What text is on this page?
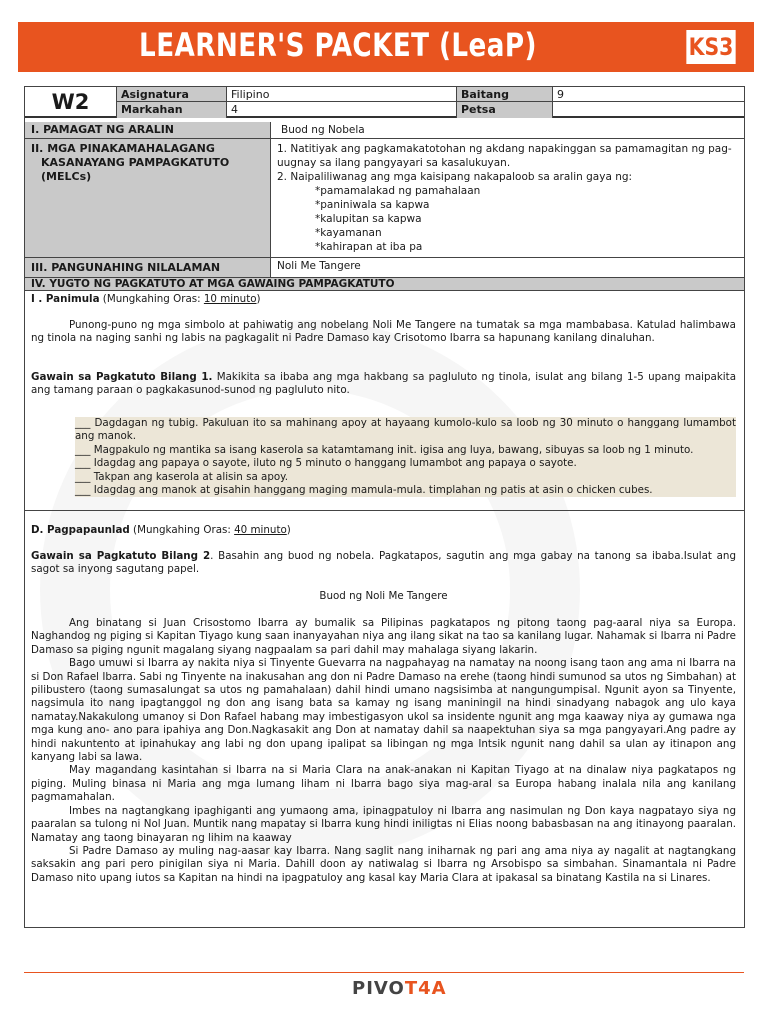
LEARNER'S PACKET (LeaP)	KS3
W2	Asignatura	Filipino	Baitang	9
Markahan	4	Petsa
I. PAMAGAT NG ARALIN	Buod ng Nobela
II. MGA PINAKAMAHALAGANG
KASANAYANG PAMPAGKATUTO
(MELCs)
1. Natitiyak ang pagkamakatotohan ng akdang napakinggan sa pamamagitan ng pag-uugnay sa ilang pangyayari sa kasalukuyan.
2. Naipaliliwanag ang mga kaisipang nakapaloob sa aralin gaya ng:
*pamamalakad ng pamahalaan
*paniniwala sa kapwa
*kalupitan sa kapwa
*kayamanan
*kahirapan at iba pa
III. PANGUNAHING NILALAMAN	Noli Me Tangere
IV. YUGTO NG PAGKATUTO AT MGA GAWAING PAMPAGKATUTO
I . Panimula (Mungkahing Oras: 10 minuto)
Punong-puno ng mga simbolo at pahiwatig ang nobelang Noli Me Tangere na tumatak sa mga mambabasa. Katulad halimbawa ng tinola na naging sanhi ng labis na pagkagalit ni Padre Damaso kay Crisotomo Ibarra sa hapunang kanilang dinaluhan.
Gawain sa Pagkatuto Bilang 1. Makikita sa ibaba ang mga hakbang sa pagluluto ng tinola, isulat ang bilang 1-5 upang maipakita ang tamang paraan o pagkakasunod-sunod ng pagluluto nito.
___ Dagdagan ng tubig. Pakuluan ito sa mahinang apoy at hayaang kumolo-kulo sa loob ng 30 minuto o hanggang lumambot ang manok.
___ Magpakulo ng mantika sa isang kaserola sa katamtamang init. igisa ang luya, bawang, sibuyas sa loob ng 1 minuto.
___ Idagdag ang papaya o sayote, iluto ng 5 minuto o hanggang lumambot ang papaya o sayote.
___ Takpan ang kaserola at alisin sa apoy.
___ Idagdag ang manok at gisahin hanggang maging mamula-mula. timplahan ng patis at asin o chicken cubes.
D. Pagpapaunlad (Mungkahing Oras: 40 minuto)
Gawain sa Pagkatuto Bilang 2. Basahin ang buod ng nobela. Pagkatapos, sagutin ang mga gabay na tanong sa ibaba.Isulat ang sagot sa inyong sagutang papel.
Buod ng Noli Me Tangere
Ang binatang si Juan Crisostomo Ibarra ay bumalik sa Pilipinas pagkatapos ng pitong taong pag-aaral niya sa Europa. Naghandog ng piging si Kapitan Tiyago kung saan inanyayahan niya ang ilang sikat na tao sa kanilang lugar. Nahamak si Ibarra ni Padre Damaso sa piging ngunit magalang siyang nagpaalam sa pari dahil may mahalaga siyang lakarin.
Bago umuwi si Ibarra ay nakita niya si Tinyente Guevarra na nagpahayag na namatay na noong isang taon ang ama ni Ibarra na si Don Rafael Ibarra. Sabi ng Tinyente na inakusahan ang don ni Padre Damaso na erehe (taong hindi sumunod sa utos ng Simbahan) at pilibustero (taong sumasalungat sa utos ng pamahalaan) dahil hindi umano nagsisimba at nangungumpisal. Ngunit ayon sa Tinyente, nagsimula ito nang ipagtanggol ng don ang isang bata sa kamay ng isang maniningil na hindi sinadyang nabagok ang ulo kaya namatay.Nakakulong umanoy si Don Rafael habang may imbestigasyon ukol sa insidente ngunit ang mga kaaway niya ay gumawa nga mga kung ano- ano para ipahiya ang Don.Nagkasakit ang Don at namatay dahil sa naapektuhan siya sa mga pangyayari.Ang padre ay hindi nakuntento at ipinahukay ang labi ng don upang ipalipat sa libingan ng mga Intsik ngunit nang dahil sa ulan ay itinapon ang kanyang labi sa lawa.
May magandang kasintahan si Ibarra na si Maria Clara na anak-anakan ni Kapitan Tiyago at na dinalaw niya pagkatapos ng piging. Muling binasa ni Maria ang mga lumang liham ni Ibarra bago siya mag-aral sa Europa habang inalala nila ang kanilang pagmamahalan.
Imbes na nagtangkang ipaghiganti ang yumaong ama, ipinagpatuloy ni Ibarra ang nasimulan ng Don kaya nagpatayo siya ng paaralan sa tulong ni Nol Juan. Muntik nang mapatay si Ibarra kung hindi iniligtas ni Elias noong babasbasan na ang itinayong paaralan. Namatay ang taong binayaran ng lihim na kaaway
Si Padre Damaso ay muling nag-aasar kay Ibarra. Nang saglit nang iniharnak ng pari ang ama niya ay nagalit at nagtangkang saksakin ang pari pero pinigilan siya ni Maria. Dahill doon ay natiwalag si Ibarra ng Arsobispo sa simbahan. Sinamantala ni Padre Damaso nito upang iutos sa Kapitan na hindi na ipagpatuloy ang kasal kay Maria Clara at ipakasal sa binatang Kastila na si Linares.
PIVOT4A
